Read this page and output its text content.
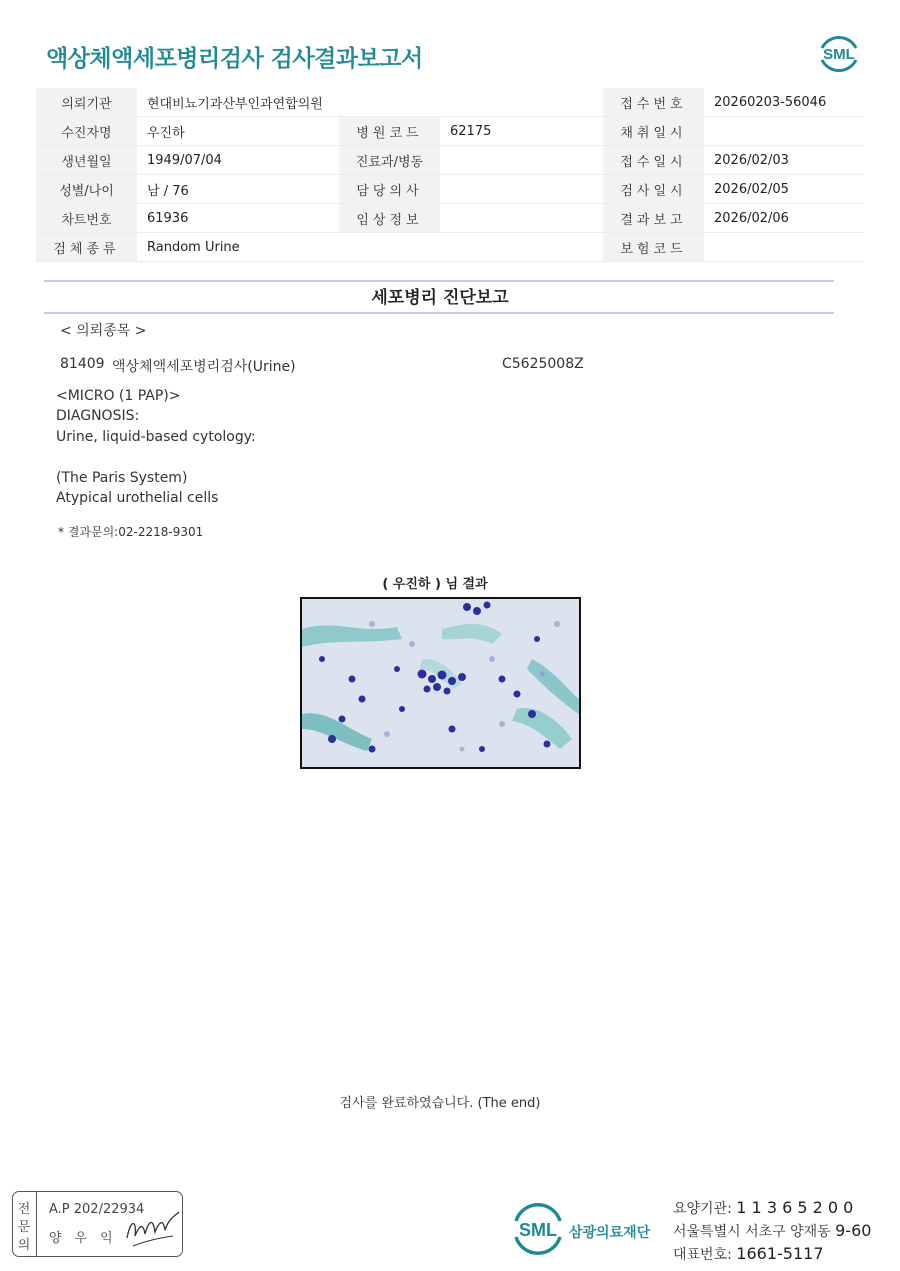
액상체액세포병리검사 검사결과보고서	SML
의뢰기관	현대비뇨기과산부인과연합의원			접수번호	20260203-56046
수진자명	우진하	병원코드	62175	채취일시	
생년월일	1949/07/04	진료과/병동		접수일시	2026/02/03
성별/나이	남 / 76	담당의사		검사일시	2026/02/05
차트번호	61936	임상정보		결과보고	2026/02/06
검체종류	Random Urine			보험코드	
세포병리 진단보고
< 의뢰종목 >
81409 액상체액세포병리검사(Urine)	C5625008Z
<MICRO (1 PAP)>
DIAGNOSIS:
Urine, liquid-based cytology:
(The Paris System)
Atypical urothelial cells
* 결과문의:02-2218-9301
( 우진하 ) 님 결과
검사를 완료하였습니다. (The end)
전
문
의
A.P 202/22934
양우익	SML 삼광의료재단
요양기관: 1 1 3 6 5 2 0 0
서울특별시 서초구 양재동 9-60
대표번호: 1661-5117
